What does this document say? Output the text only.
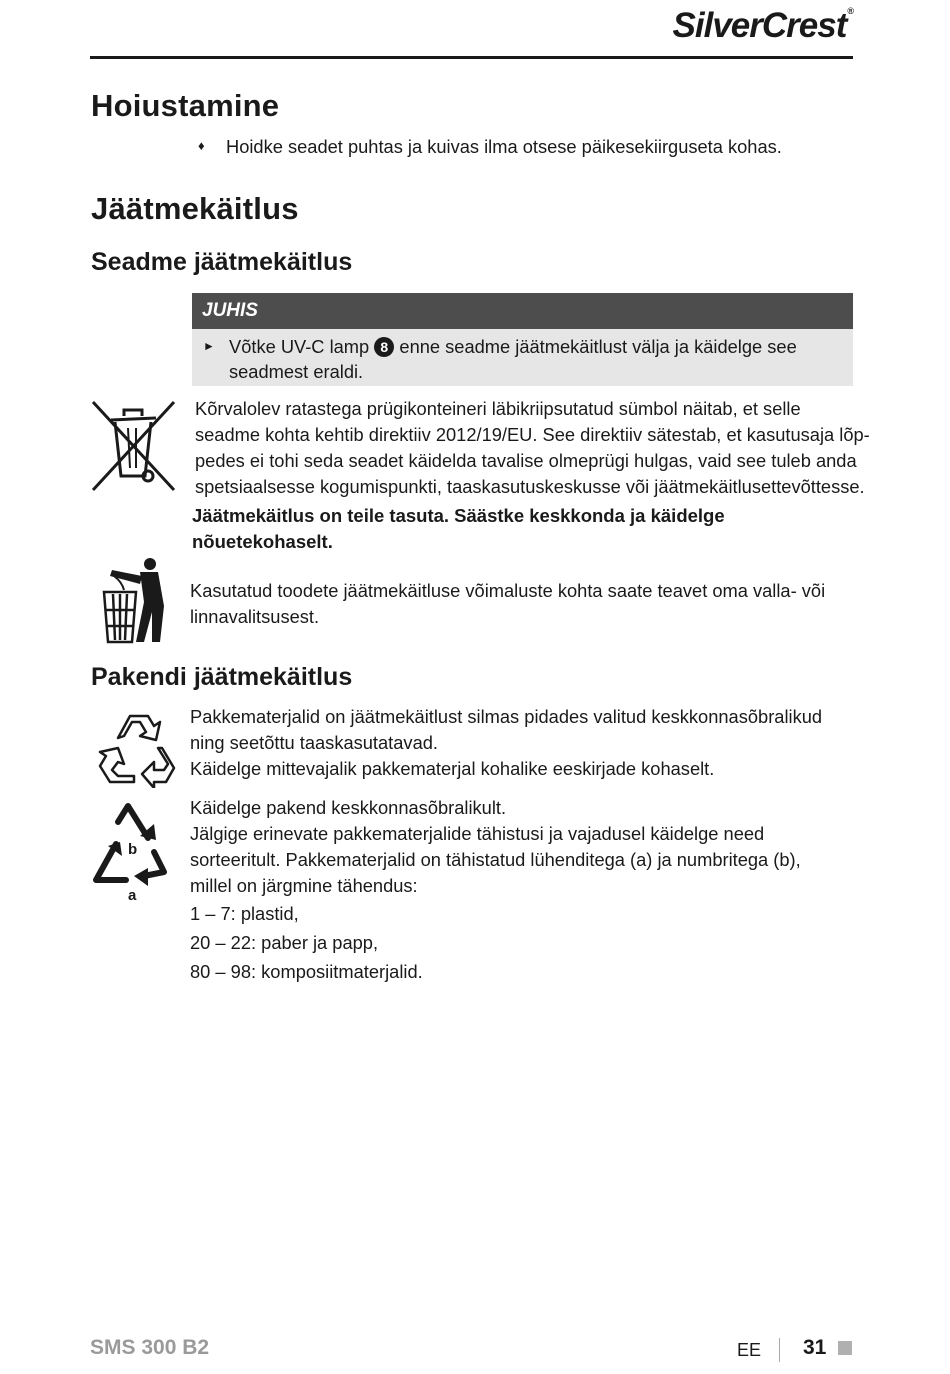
SilverCrest®
Hoiustamine
♦ Hoidke seadet puhtas ja kuivas ilma otsese päikesekiirguseta kohas.
Jäätmekäitlus
Seadme jäätmekäitlus
JUHIS
► Võtke UV-C lamp 8 enne seadme jäätmekäitlust välja ja käidelge see
seadmest eraldi.
Kõrvalolev ratastega prügikonteineri läbikriipsutatud sümbol näitab, et selle
seadme kohta kehtib direktiiv 2012/19/EU. See direktiiv sätestab, et kasutusaja lõp-
pedes ei tohi seda seadet käidelda tavalise olmeprügi hulgas, vaid see tuleb anda
spetsiaalsesse kogumispunkti, taaskasutuskeskusse või jäätmekäitlusettevõttesse.
Jäätmekäitlus on teile tasuta. Säästke keskkonda ja käidelge
nõuetekohaselt.
Kasutatud toodete jäätmekäitluse võimaluste kohta saate teavet oma valla- või
linnavalitsusest.
Pakendi jäätmekäitlus
Pakkematerjalid on jäätmekäitlust silmas pidades valitud keskkonnasõbralikud
ning seetõttu taaskasutatavad.
Käidelge mittevajalik pakkematerjal kohalike eeskirjade kohaselt.
b
a
Käidelge pakend keskkonnasõbralikult.
Jälgige erinevate pakkematerjalide tähistusi ja vajadusel käidelge need
sorteeritult. Pakkematerjalid on tähistatud lühenditega (a) ja numbritega (b),
millel on järgmine tähendus:
1 – 7: plastid,
20 – 22: paber ja papp,
80 – 98: komposiitmaterjalid.
SMS 300 B2	EE 31
